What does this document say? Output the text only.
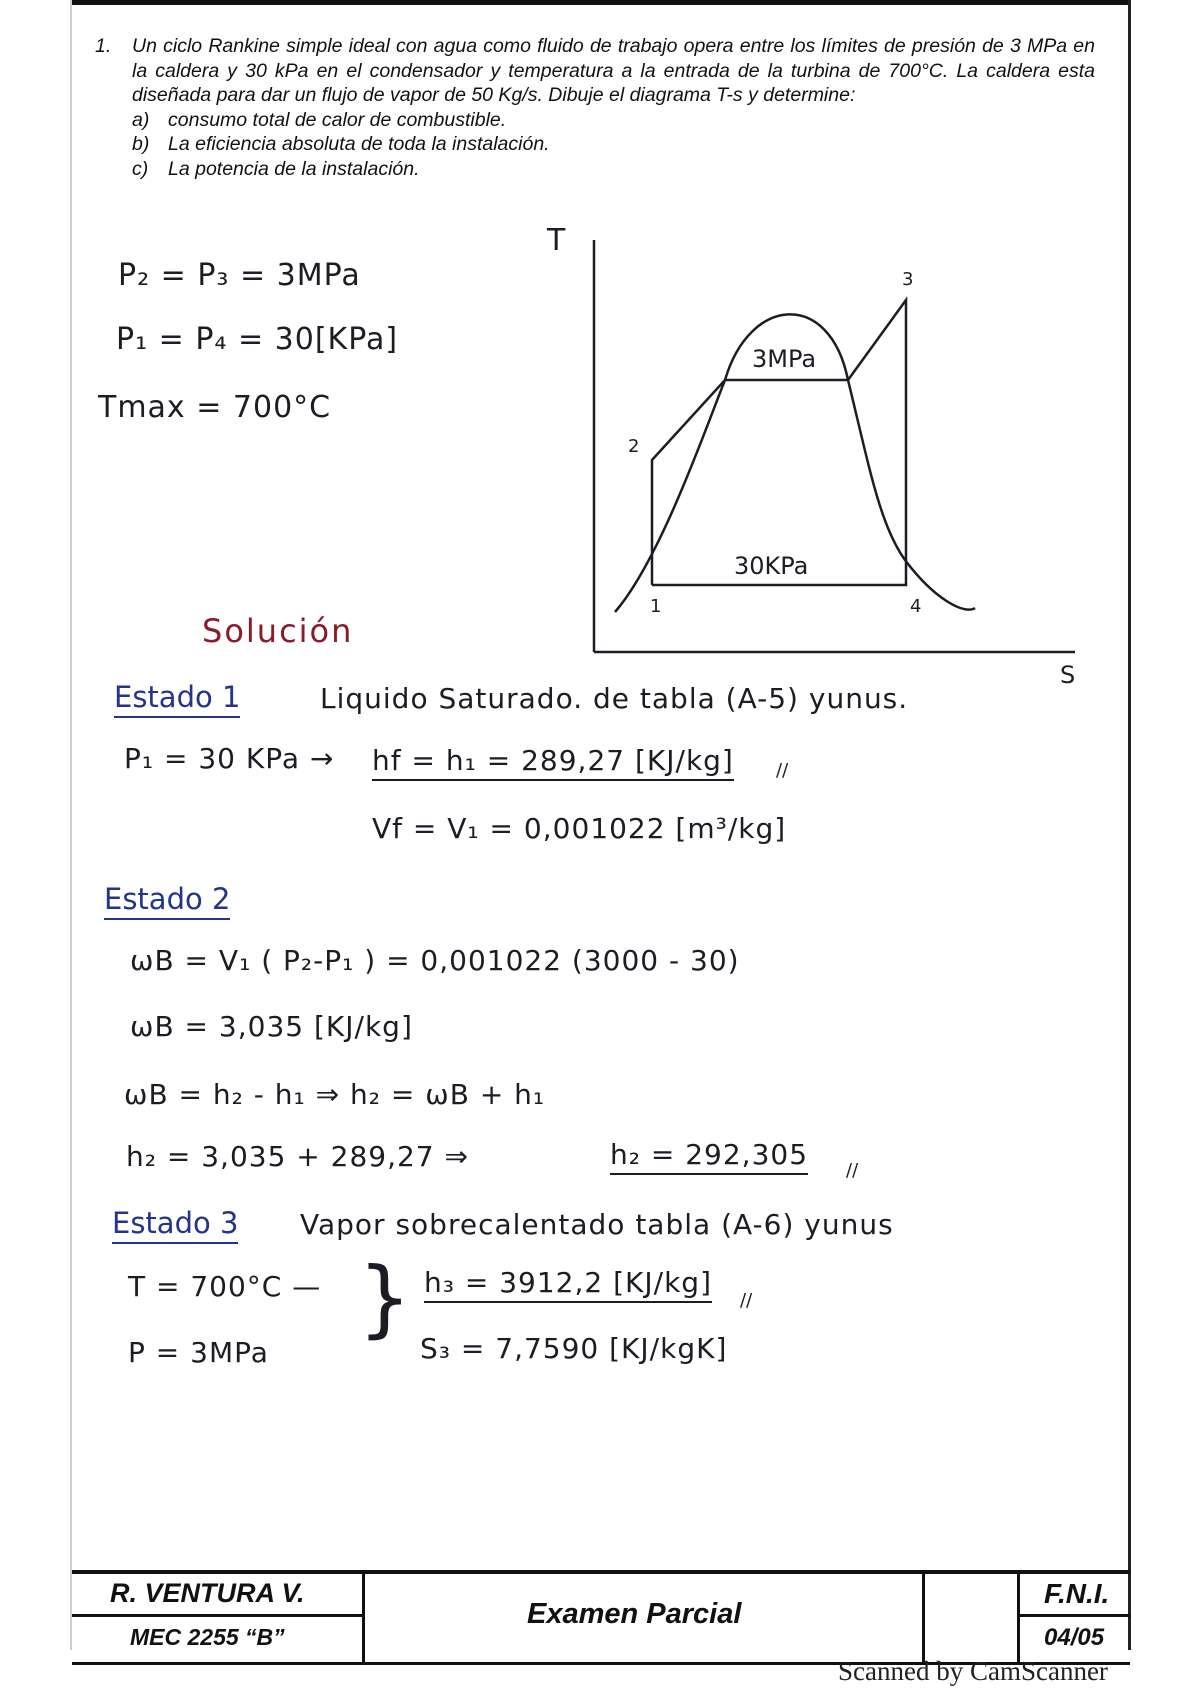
1. Un ciclo Rankine simple ideal con agua como fluido de trabajo opera entre los límites de presión de 3 MPa en la caldera y 30 kPa en el condensador y temperatura a la entrada de la turbina de 700°C. La caldera esta diseñada para dar un flujo de vapor de 50 Kg/s. Dibuje el diagrama T-s y determine:
a) consumo total de calor de combustible.
b) La eficiencia absoluta de toda la instalación.
c)	La potencia de la instalación.
P₂ = P₃ = 3MPa
P₁ = P₄ = 30[KPa]
Tmax = 700°C
T
S
3MPa
30KPa
1
2
3
4
Solución
Estado 1	Liquido Saturado. de tabla (A-5) yunus.
P₁ = 30 KPa → hf = h₁ = 289,27 [KJ/kg] //
Vf = V₁ = 0,001022 [m³/kg]
Estado 2
ωB = V₁ ( P₂-P₁ ) = 0,001022 (3000 - 30)
ωB = 3,035 [KJ/kg]
ωB = h₂ - h₁ ⇒ h₂ = ωB + h₁
h₂ = 3,035 + 289,27 ⇒	h₂ = 292,305 //
Estado 3 Vapor sobrecalentado tabla (A-6) yunus
T = 700°C —
P = 3MPa
} h₃ = 3912,2 [KJ/kg]
//
S₃ = 7,7590 [KJ/kgK]
R. VENTURA V.
MEC 2255 “B”
Examen Parcial
F.N.I.
04/05
Scanned by CamScanner
